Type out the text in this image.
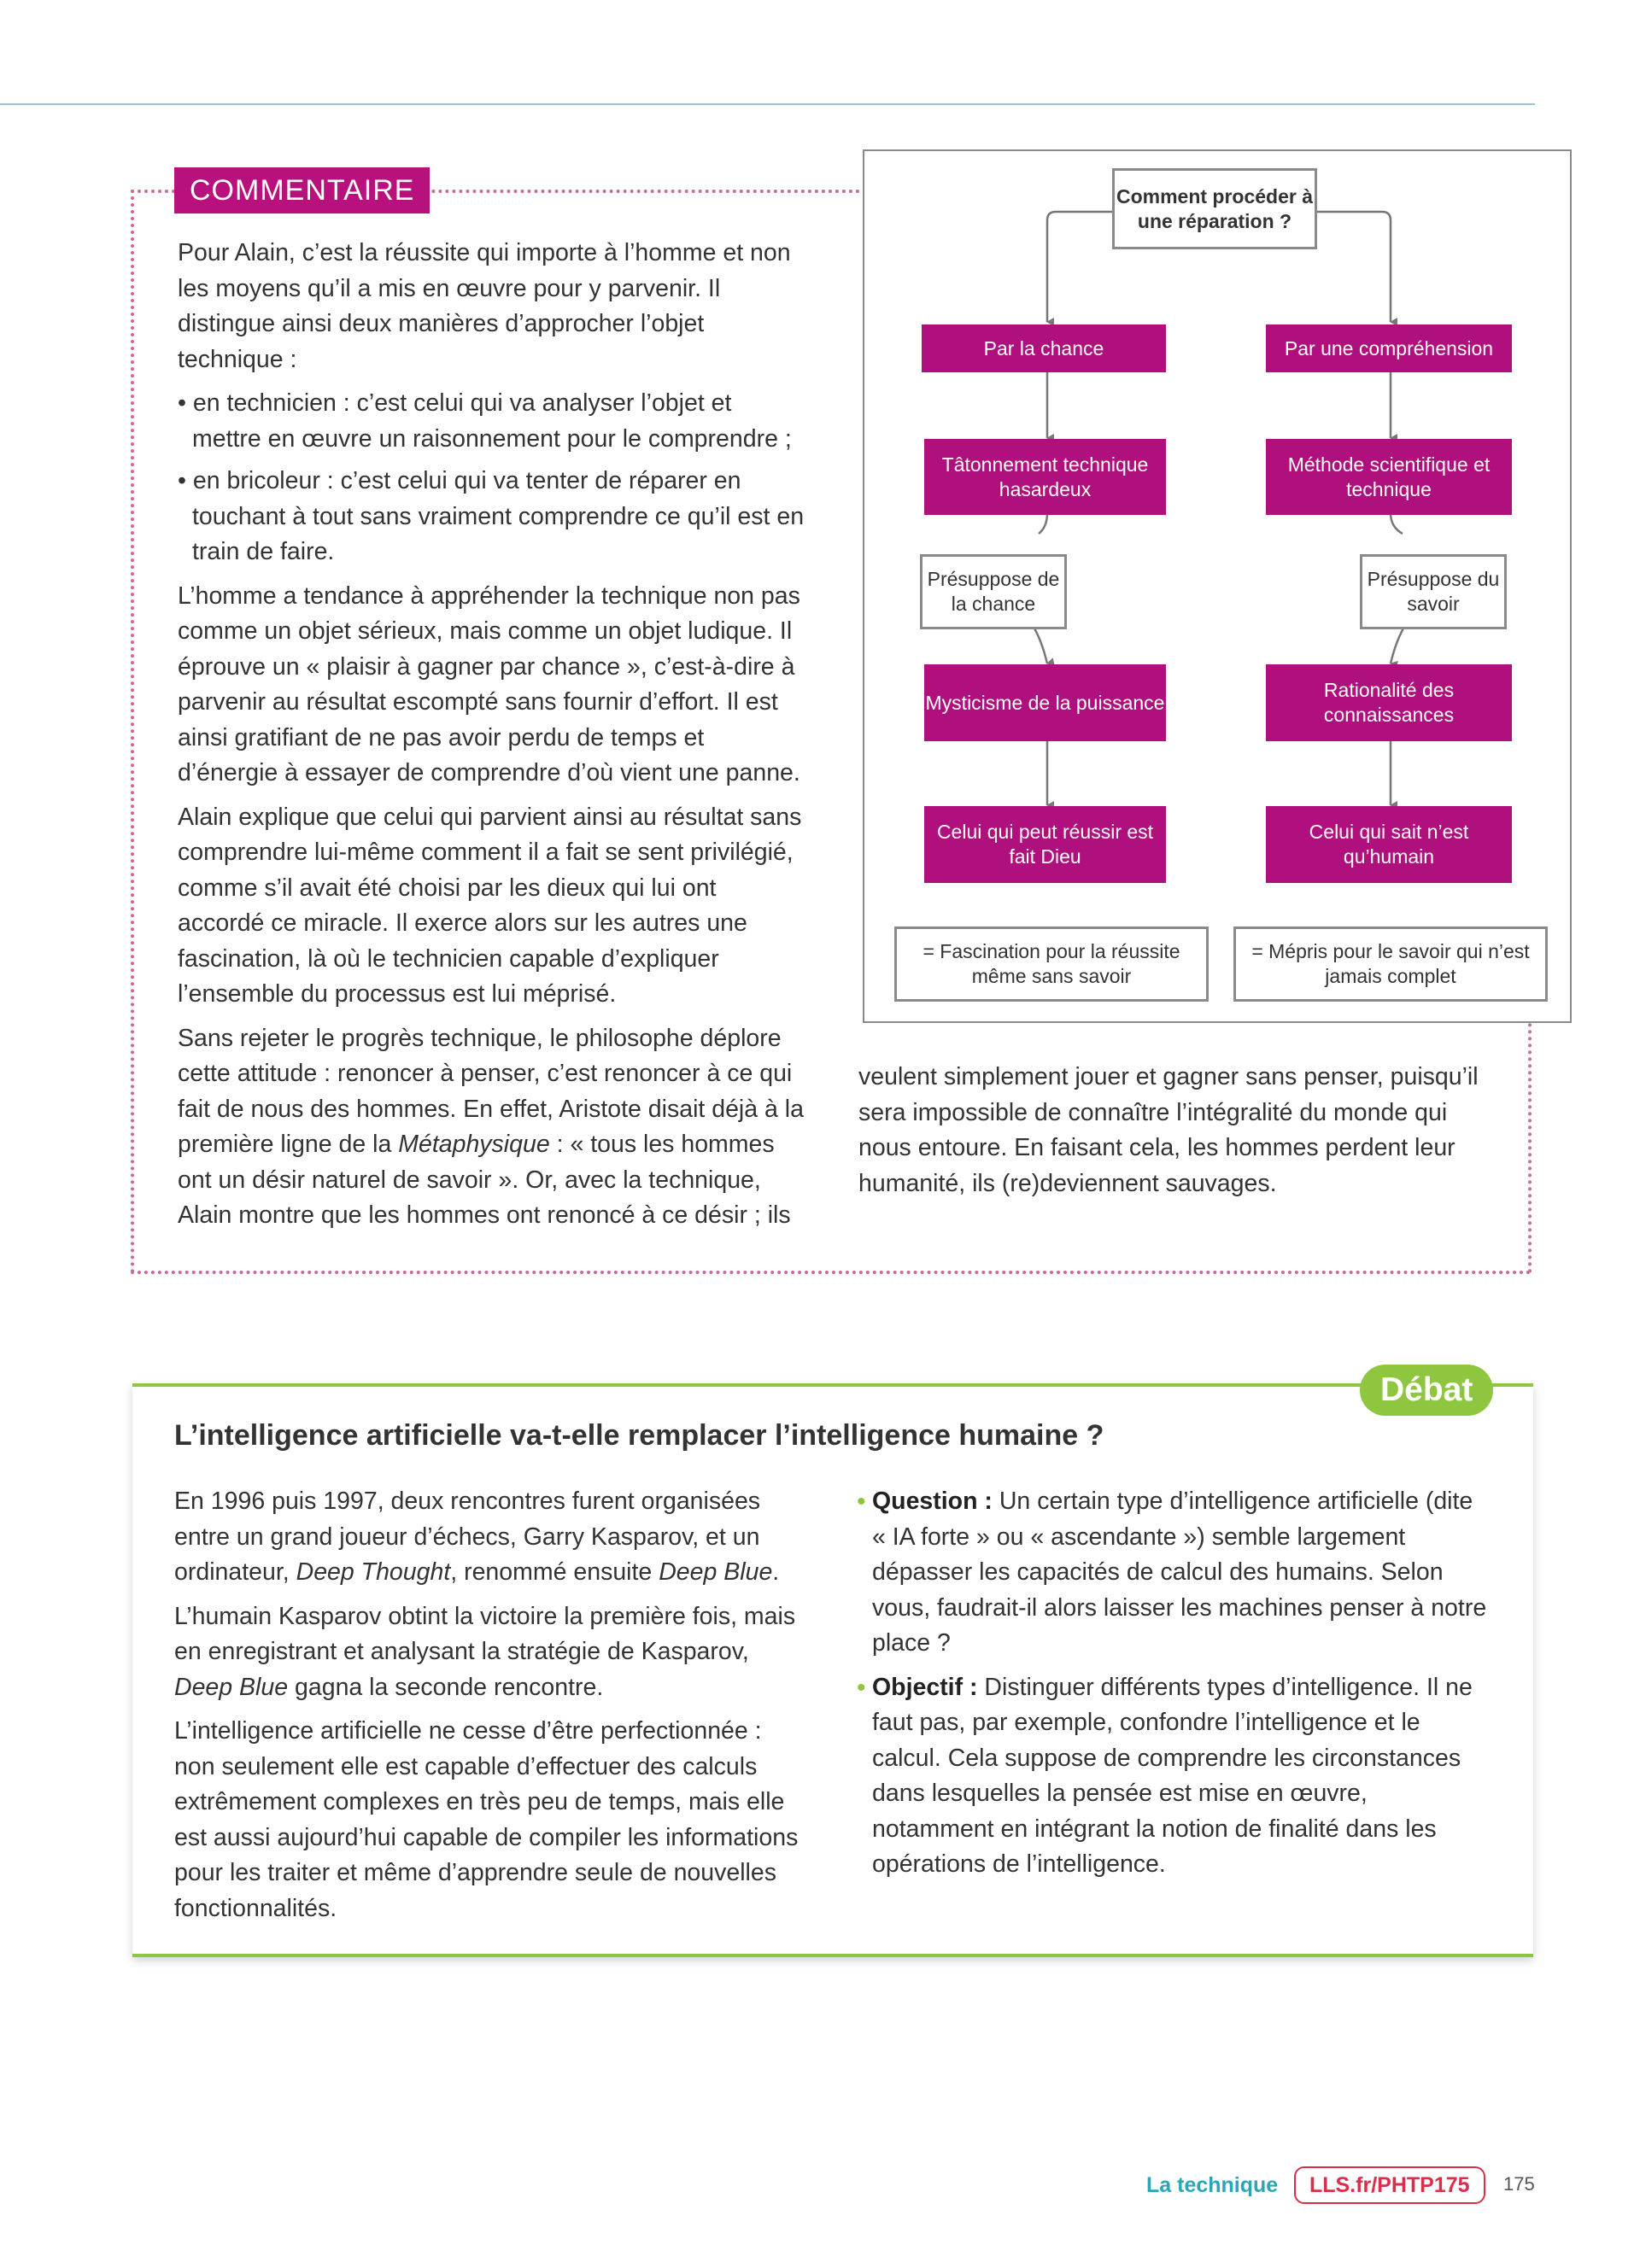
COMMENTAIRE

Pour Alain, c’est la réussite qui importe à l’homme et non les moyens qu’il a mis en œuvre pour y parvenir. Il distingue ainsi deux manières d’approcher l’objet technique :

• en technicien : c’est celui qui va analyser l’objet et mettre en œuvre un raisonnement pour le comprendre ;
• en bricoleur : c’est celui qui va tenter de réparer en touchant à tout sans vraiment comprendre ce qu’il est en train de faire.

L’homme a tendance à appréhender la technique non pas comme un objet sérieux, mais comme un objet ludique. Il éprouve un « plaisir à gagner par chance », c’est-à-dire à parvenir au résultat escompté sans fournir d’effort. Il est ainsi gratifiant de ne pas avoir perdu de temps et d’énergie à essayer de comprendre d’où vient une panne.

Alain explique que celui qui parvient ainsi au résultat sans comprendre lui-même comment il a fait se sent privilégié, comme s’il avait été choisi par les dieux qui lui ont accordé ce miracle. Il exerce alors sur les autres une fascination, là où le technicien capable d’expliquer l’ensemble du processus est lui méprisé.

Sans rejeter le progrès technique, le philosophe déplore cette attitude : renoncer à penser, c’est renoncer à ce qui fait de nous des hommes. En effet, Aristote disait déjà à la première ligne de la Métaphysique : « tous les hommes ont un désir naturel de savoir ». Or, avec la technique, Alain montre que les hommes ont renoncé à ce désir ; ils

veulent simplement jouer et gagner sans penser, puisqu’il sera impossible de connaître l’intégralité du monde qui nous entoure. En faisant cela, les hommes perdent leur humanité, ils (re)deviennent sauvages.

Comment procéder à une réparation ?
Par la chance	Par une compréhension
Tâtonnement technique hasardeux
Méthode scientifique et technique
Présuppose de la chance
Présuppose du savoir
Mysticisme de la puissance
Rationalité des connaissances
Celui qui peut réussir est fait Dieu
Celui qui sait n’est qu’humain
= Fascination pour la réussite même sans savoir
= Mépris pour le savoir qui n’est jamais complet
Débat
L’intelligence artificielle va-t-elle remplacer l’intelligence humaine ?

En 1996 puis 1997, deux rencontres furent organisées entre un grand joueur d’échecs, Garry Kasparov, et un ordinateur, Deep Thought, renommé ensuite Deep Blue.

L’humain Kasparov obtint la victoire la première fois, mais en enregistrant et analysant la stratégie de Kasparov, Deep Blue gagna la seconde rencontre.

L’intelligence artificielle ne cesse d’être perfectionnée : non seulement elle est capable d’effectuer des calculs extrêmement complexes en très peu de temps, mais elle est aussi aujourd’hui capable de compiler les informations pour les traiter et même d’apprendre seule de nouvelles fonctionnalités.

• Question : Un certain type d’intelligence artificielle (dite « IA forte » ou « ascendante ») semble largement dépasser les capacités de calcul des humains. Selon vous, faudrait-il alors laisser les machines penser à notre place ?
• Objectif : Distinguer différents types d’intelligence. Il ne faut pas, par exemple, confondre l’intelligence et le calcul. Cela suppose de comprendre les circonstances dans lesquelles la pensée est mise en œuvre, notamment en intégrant la notion de finalité dans les opérations de l’intelligence.
La technique	LLS.fr/PHTP175	175
